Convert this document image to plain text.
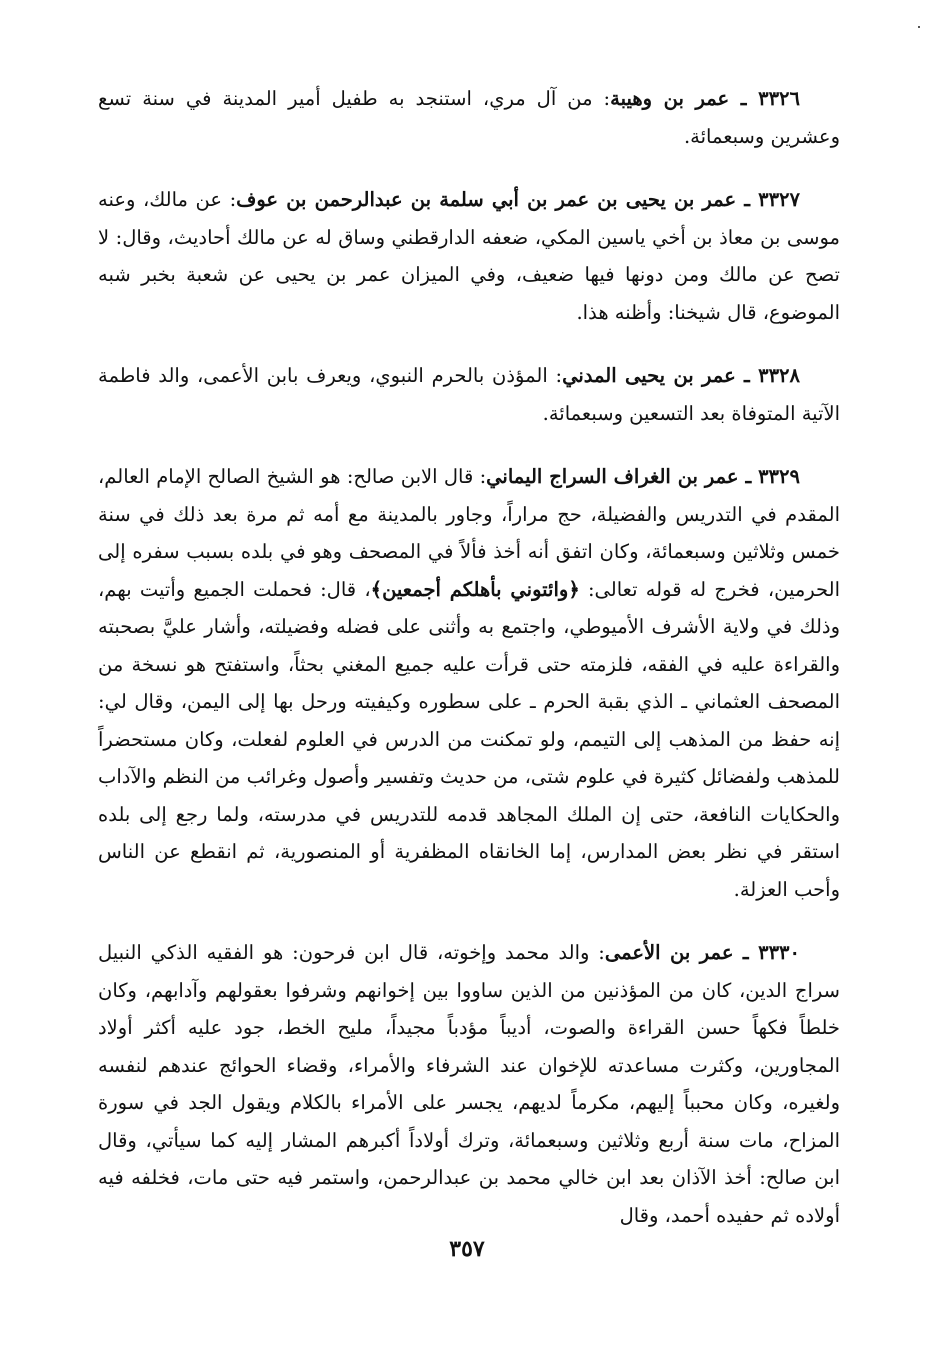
٣٣٢٦ ـ عمر بن وهيبة: من آل مري، استنجد به طفيل أمير المدينة في سنة تسع وعشرين وسبعمائة.

٣٣٢٧ ـ عمر بن يحيى بن عمر بن أبي سلمة بن عبدالرحمن بن عوف: عن مالك، وعنه موسى بن معاذ بن أخي ياسين المكي، ضعفه الدارقطني وساق له عن مالك أحاديث، وقال: لا تصح عن مالك ومن دونها فيها ضعيف، وفي الميزان عمر بن يحيى عن شعبة بخبر شبه الموضوع، قال شيخنا: وأظنه هذا.

٣٣٢٨ ـ عمر بن يحيى المدني: المؤذن بالحرم النبوي، ويعرف بابن الأعمى، والد فاطمة الآتية المتوفاة بعد التسعين وسبعمائة.

٣٣٢٩ ـ عمر بن الغراف السراج اليماني: قال الابن صالح: هو الشيخ الصالح الإمام العالم، المقدم في التدريس والفضيلة، حج مراراً، وجاور بالمدينة مع أمه ثم مرة بعد ذلك في سنة خمس وثلاثين وسبعمائة، وكان اتفق أنه أخذ فألاً في المصحف وهو في بلده بسبب سفره إلى الحرمين، فخرج له قوله تعالى: ﴿وائتوني بأهلكم أجمعين﴾، قال: فحملت الجميع وأتيت بهم، وذلك في ولاية الأشرف الأميوطي، واجتمع به وأثنى على فضله وفضيلته، وأشار عليَّ بصحبته والقراءة عليه في الفقه، فلزمته حتى قرأت عليه جميع المغني بحثاً، واستفتح هو نسخة من المصحف العثماني ـ الذي بقبة الحرم ـ على سطوره وكيفيته ورحل بها إلى اليمن، وقال لي: إنه حفظ من المذهب إلى التيمم، ولو تمكنت من الدرس في العلوم لفعلت، وكان مستحضراً للمذهب ولفضائل كثيرة في علوم شتى، من حديث وتفسير وأصول وغرائب من النظم والآداب والحكايات النافعة، حتى إن الملك المجاهد قدمه للتدريس في مدرسته، ولما رجع إلى بلده استقر في نظر بعض المدارس، إما الخانقاه المظفرية أو المنصورية، ثم انقطع عن الناس وأحب العزلة.

٣٣٣٠ ـ عمر بن الأعمى: والد محمد وإخوته، قال ابن فرحون: هو الفقيه الذكي النبيل سراج الدين، كان من المؤذنين من الذين ساووا بين إخوانهم وشرفوا بعقولهم وآدابهم، وكان خلطاً فكهاً حسن القراءة والصوت، أديباً مؤدباً مجيداً، مليح الخط، جود عليه أكثر أولاد المجاورين، وكثرت مساعدته للإخوان عند الشرفاء والأمراء، وقضاء الحوائج عندهم لنفسه ولغيره، وكان محبباً إليهم، مكرماً لديهم، يجسر على الأمراء بالكلام ويقول الجد في سورة المزاح، مات سنة أربع وثلاثين وسبعمائة، وترك أولاداً أكبرهم المشار إليه كما سيأتي، وقال ابن صالح: أخذ الآذان بعد ابن خالي محمد بن عبدالرحمن، واستمر فيه حتى مات، فخلفه فيه أولاده ثم حفيده أحمد، وقال

٣٥٧
